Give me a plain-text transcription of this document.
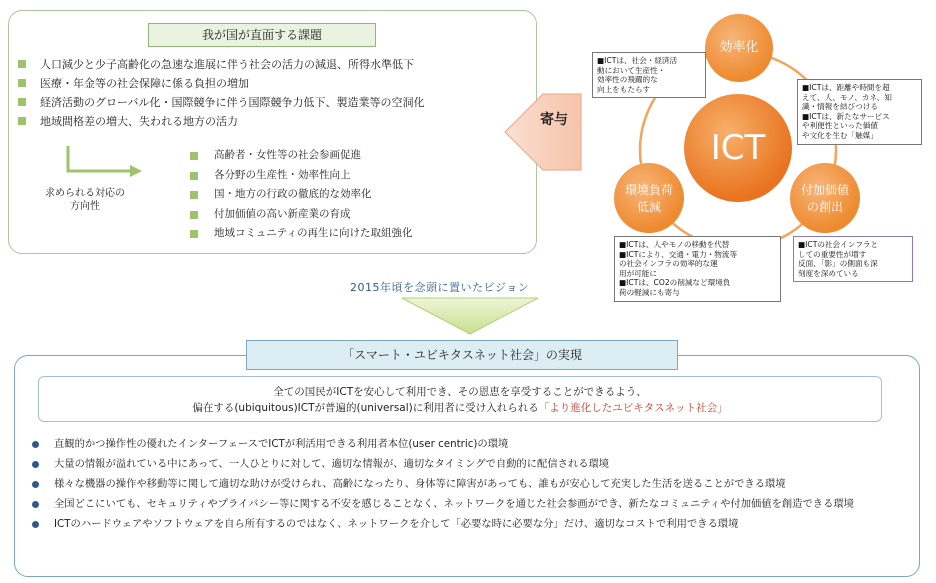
我が国が直面する課題
人口減少と少子高齢化の急速な進展に伴う社会の活力の減退、所得水準低下
医療・年金等の社会保障に係る負担の増加
経済活動のグローバル化・国際競争に伴う国際競争力低下、製造業等の空洞化
地域間格差の増大、失われる地方の活力
求められる対応の
方向性
高齢者・女性等の社会参画促進
各分野の生産性・効率性向上
国・地方の行政の徹底的な効率化
付加価値の高い新産業の育成
地域コミュニティの再生に向けた取組強化
寄与
ICT
効率化
環境負荷
低減
付加価値
の創出
■ICTは、社会・経済活
動において生産性・
効率性の飛躍的な
向上をもたらす	■ICTは、距離や時間を超
えて、人、モノ、カネ、知
識・情報を結びつける
■ICTは、新たなサービス
や利便性といった価値
や文化を生む「触媒」
■ICTは、人やモノの移動を代替
■ICTにより、交通・電力・物流等
の社会インフラの効率的な運
用が可能に
■ICTは、CO2の削減など環境負
荷の軽減にも寄与
■ICTの社会インフラと
しての重要性が増す
反面、「影」の側面も深
刻度を深めている
2015年頃を念頭に置いたビジョン
「スマート・ユビキタスネット社会」の実現
全ての国民がICTを安心して利用でき、その恩恵を享受することができるよう、
偏在する(ubiquitous)ICTが普遍的(universal)に利用者に受け入れられる「より進化したユビキタスネット社会」
直観的かつ操作性の優れたインターフェースでICTが利活用できる利用者本位(user centric)の環境
大量の情報が溢れている中にあって、一人ひとりに対して、適切な情報が、適切なタイミングで自動的に配信される環境
様々な機器の操作や移動等に関して適切な助けが受けられ、高齢になったり、身体等に障害があっても、誰もが安心して充実した生活を送ることができる環境
全国どこにいても、セキュリティやプライバシー等に関する不安を感じることなく、ネットワークを通じた社会参画ができ、新たなコミュニティや付加価値を創造できる環境
ICTのハードウェアやソフトウェアを自ら所有するのではなく、ネットワークを介して「必要な時に必要な分」だけ、適切なコストで利用できる環境
